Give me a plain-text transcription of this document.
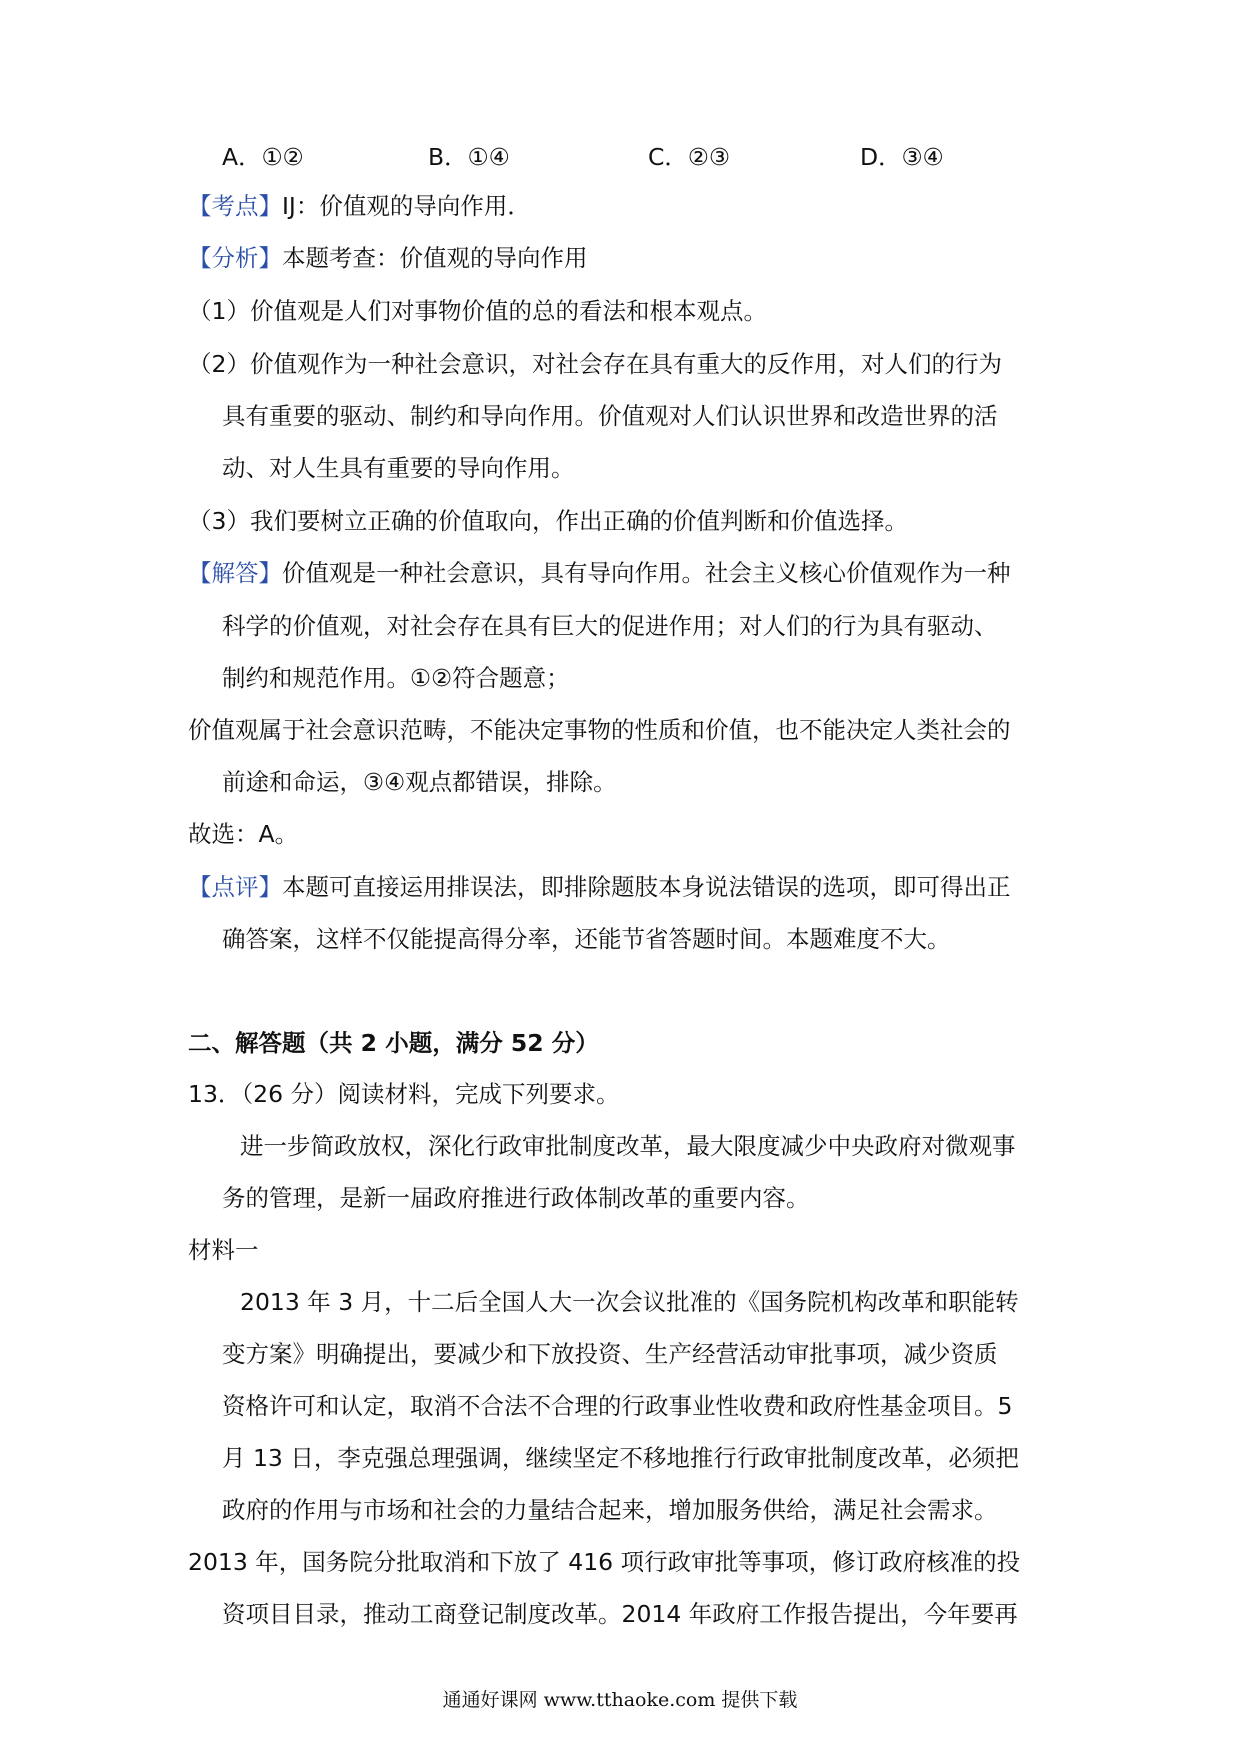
A．①②	B．①④	C．②③	D．③④
【考点】IJ：价值观的导向作用．
【分析】本题考查：价值观的导向作用
（1）价值观是人们对事物价值的总的看法和根本观点。
（2）价值观作为一种社会意识，对社会存在具有重大的反作用，对人们的行为
具有重要的驱动、制约和导向作用。价值观对人们认识世界和改造世界的活
动、对人生具有重要的导向作用。
（3）我们要树立正确的价值取向，作出正确的价值判断和价值选择。
【解答】价值观是一种社会意识，具有导向作用。社会主义核心价值观作为一种
科学的价值观，对社会存在具有巨大的促进作用；对人们的行为具有驱动、
制约和规范作用。①②符合题意；
价值观属于社会意识范畴，不能决定事物的性质和价值，也不能决定人类社会的
前途和命运，③④观点都错误，排除。
故选：A。
【点评】本题可直接运用排误法，即排除题肢本身说法错误的选项，即可得出正
确答案，这样不仅能提高得分率，还能节省答题时间。本题难度不大。
二、解答题（共 2 小题，满分 52 分）
13．（26 分）阅读材料，完成下列要求。
进一步简政放权，深化行政审批制度改革，最大限度减少中央政府对微观事
务的管理，是新一届政府推进行政体制改革的重要内容。
材料一
2013 年 3 月，十二后全国人大一次会议批准的《国务院机构改革和职能转
变方案》明确提出，要减少和下放投资、生产经营活动审批事项，减少资质
资格许可和认定，取消不合法不合理的行政事业性收费和政府性基金项目。5
月 13 日，李克强总理强调，继续坚定不移地推行行政审批制度改革，必须把
政府的作用与市场和社会的力量结合起来，增加服务供给，满足社会需求。
2013 年，国务院分批取消和下放了 416 项行政审批等事项，修订政府核准的投
资项目目录，推动工商登记制度改革。2014 年政府工作报告提出，今年要再
通通好课网 www.tthaoke.com 提供下载
